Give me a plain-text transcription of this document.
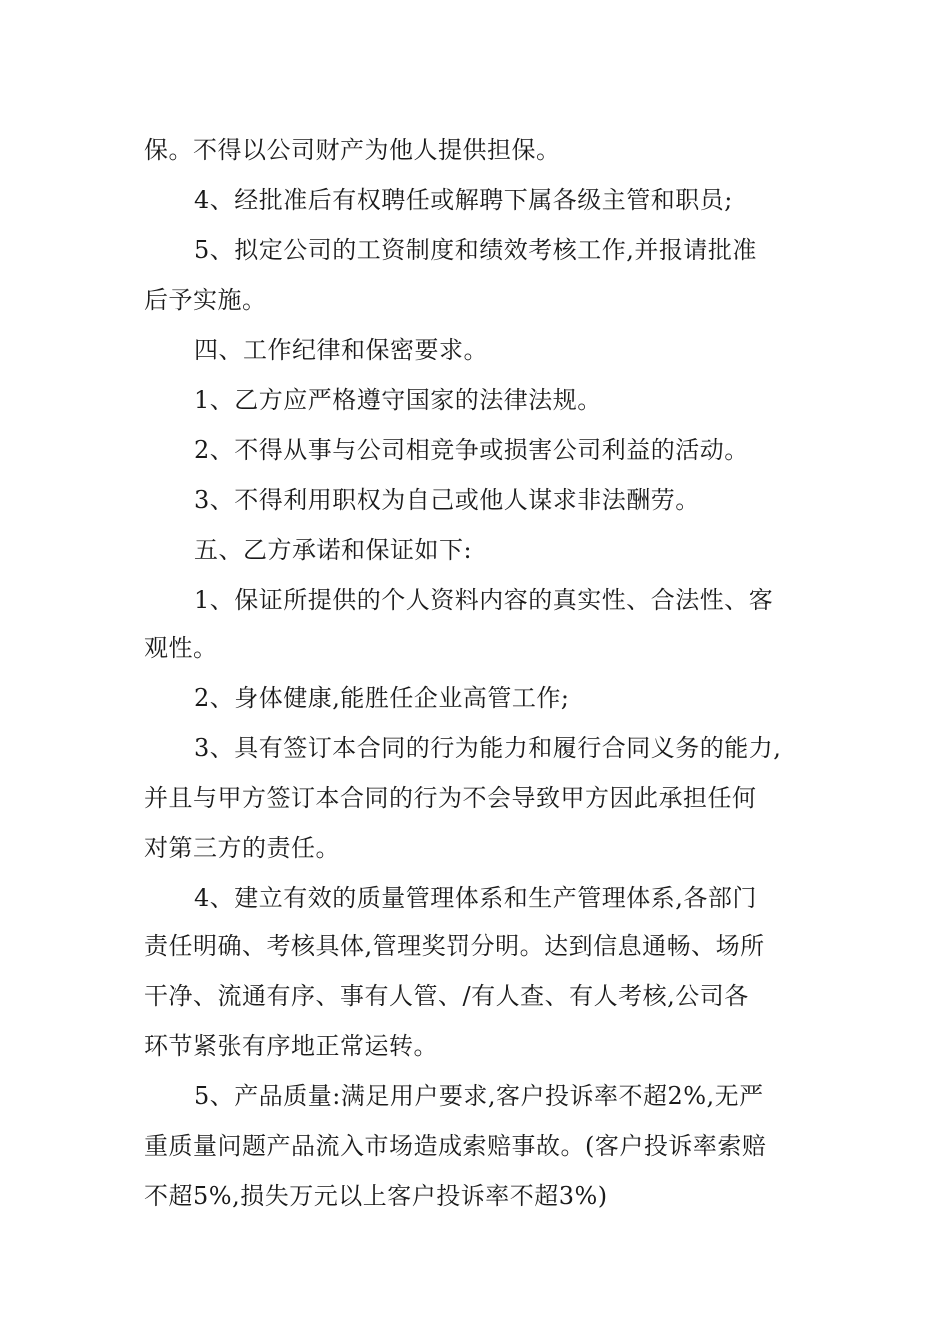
保。不得以公司财产为他人提供担保。
4、经批准后有权聘任或解聘下属各级主管和职员;
5、拟定公司的工资制度和绩效考核工作,并报请批准
后予实施。
四、工作纪律和保密要求。
1、乙方应严格遵守国家的法律法规。
2、不得从事与公司相竞争或损害公司利益的活动。
3、不得利用职权为自己或他人谋求非法酬劳。
五、乙方承诺和保证如下:
1、保证所提供的个人资料内容的真实性、合法性、客
观性。
2、身体健康,能胜任企业高管工作;
3、具有签订本合同的行为能力和履行合同义务的能力,
并且与甲方签订本合同的行为不会导致甲方因此承担任何
对第三方的责任。
4、建立有效的质量管理体系和生产管理体系,各部门
责任明确、考核具体,管理奖罚分明。达到信息通畅、场所
干净、流通有序、事有人管、/有人查、有人考核,公司各
环节紧张有序地正常运转。
5、产品质量:满足用户要求,客户投诉率不超2%,无严
重质量问题产品流入市场造成索赔事故。(客户投诉率索赔
不超5%,损失万元以上客户投诉率不超3%)
